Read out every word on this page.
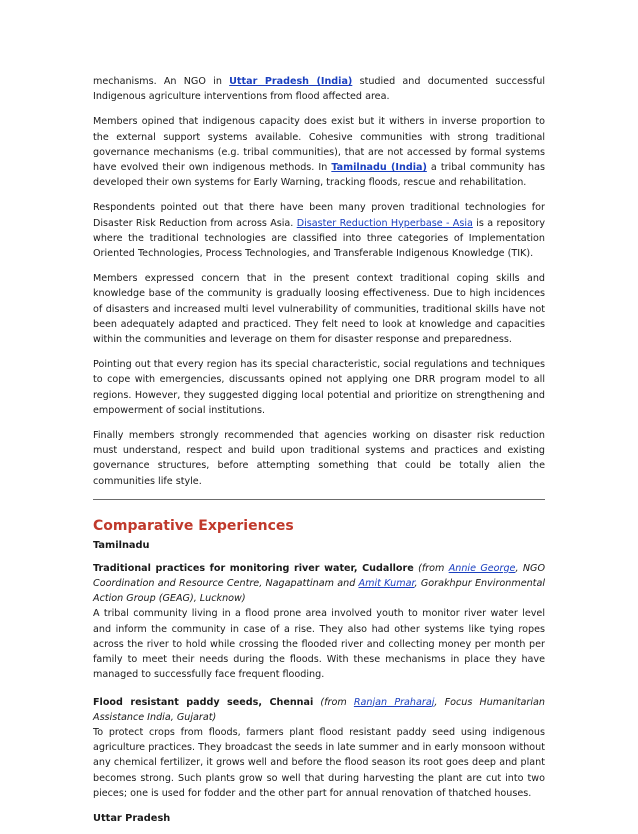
mechanisms. An NGO in Uttar Pradesh (India) studied and documented successful Indigenous agriculture interventions from flood affected area.

Members opined that indigenous capacity does exist but it withers in inverse proportion to the external support systems available. Cohesive communities with strong traditional governance mechanisms (e.g. tribal communities), that are not accessed by formal systems have evolved their own indigenous methods. In Tamilnadu (India) a tribal community has developed their own systems for Early Warning, tracking floods, rescue and rehabilitation.

Respondents pointed out that there have been many proven traditional technologies for Disaster Risk Reduction from across Asia. Disaster Reduction Hyperbase - Asia is a repository where the traditional technologies are classified into three categories of Implementation Oriented Technologies, Process Technologies, and Transferable Indigenous Knowledge (TIK).

Members expressed concern that in the present context traditional coping skills and knowledge base of the community is gradually loosing effectiveness. Due to high incidences of disasters and increased multi level vulnerability of communities, traditional skills have not been adequately adapted and practiced. They felt need to look at knowledge and capacities within the communities and leverage on them for disaster response and preparedness.

Pointing out that every region has its special characteristic, social regulations and techniques to cope with emergencies, discussants opined not applying one DRR program model to all regions. However, they suggested digging local potential and prioritize on strengthening and empowerment of social institutions.

Finally members strongly recommended that agencies working on disaster risk reduction must understand, respect and build upon traditional systems and practices and existing governance structures, before attempting something that could be totally alien the communities life style.

Comparative Experiences
Tamilnadu

Traditional practices for monitoring river water, Cudallore (from Annie George, NGO Coordination and Resource Centre, Nagapattinam and Amit Kumar, Gorakhpur Environmental Action Group (GEAG), Lucknow)

A tribal community living in a flood prone area involved youth to monitor river water level and inform the community in case of a rise. They also had other systems like tying ropes across the river to hold while crossing the flooded river and collecting money per month per family to meet their needs during the floods. With these mechanisms in place they have managed to successfully face frequent flooding.

Flood resistant paddy seeds, Chennai (from Ranjan Praharaj, Focus Humanitarian Assistance India, Gujarat)

To protect crops from floods, farmers plant flood resistant paddy seed using indigenous agriculture practices. They broadcast the seeds in late summer and in early monsoon without any chemical fertilizer, it grows well and before the flood season its root goes deep and plant becomes strong. Such plants grow so well that during harvesting the plant are cut into two pieces; one is used for fodder and the other part for annual renovation of thatched houses.

Uttar Pradesh
